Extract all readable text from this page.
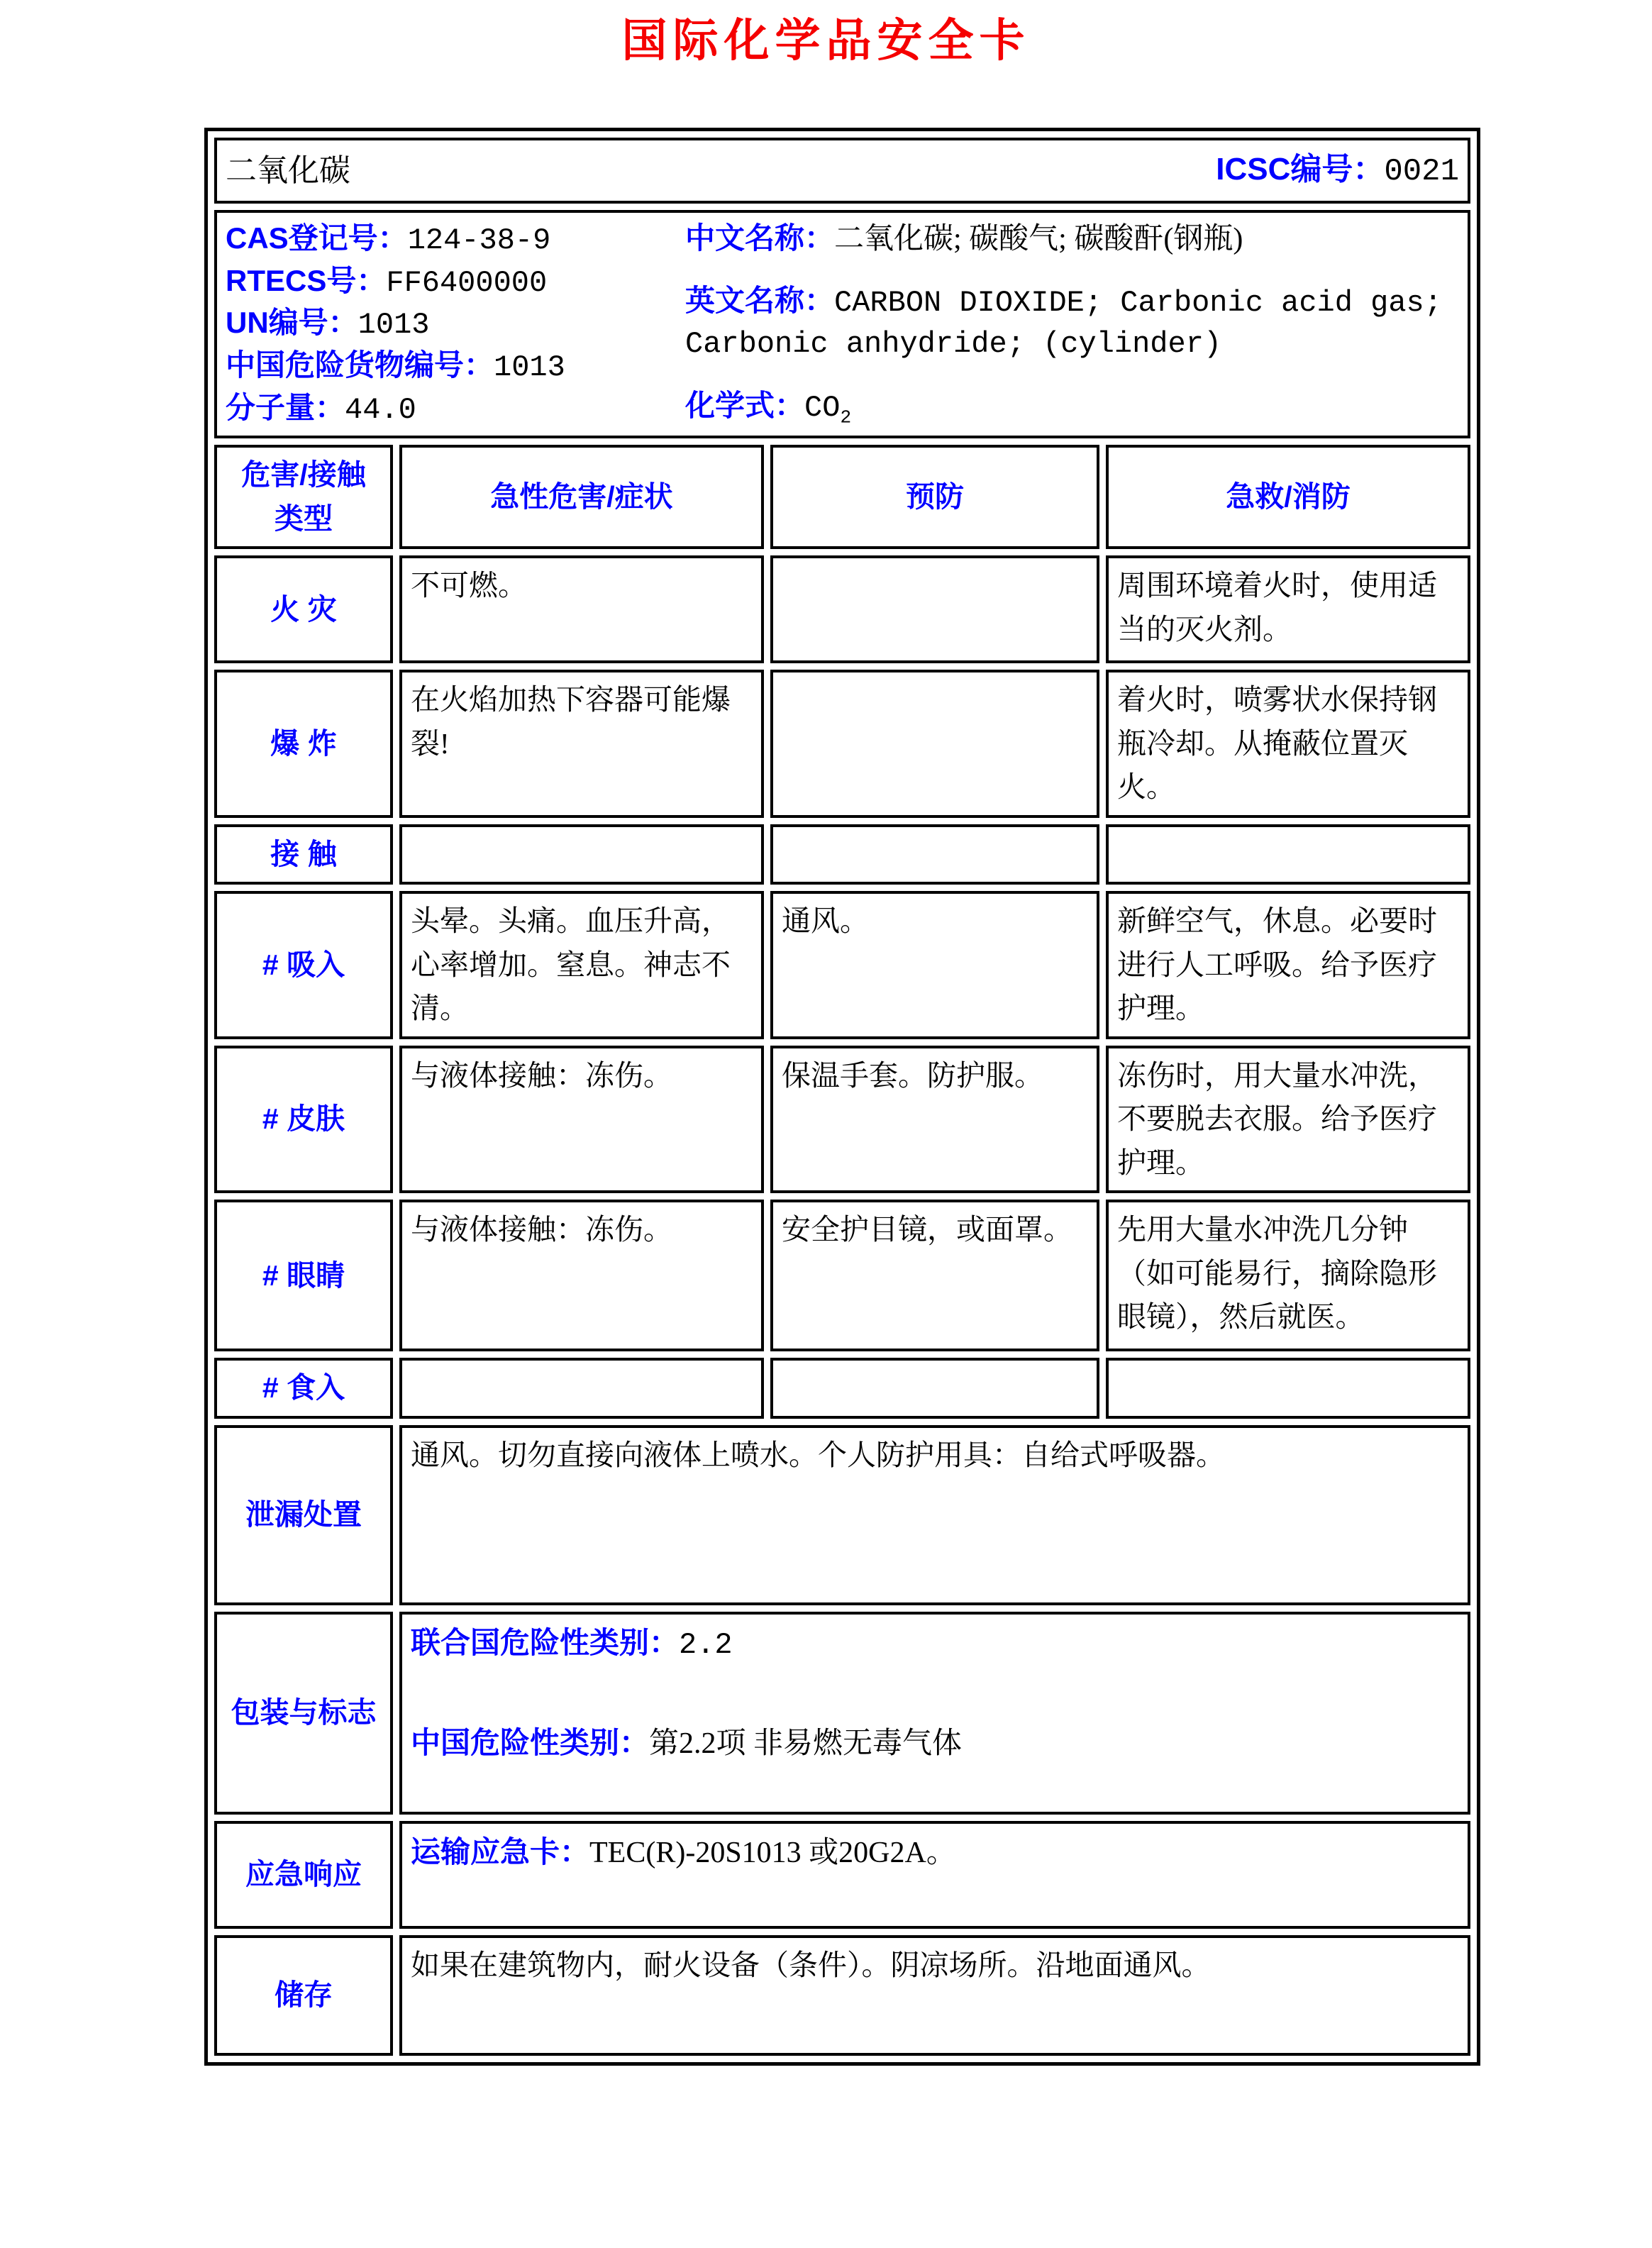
国际化学品安全卡
二氧化碳 ICSC编号：0021			

CAS登记号：124-38-9
RTECS号：FF6400000
UN编号：1013
中国危险货物编号：1013
分子量：44.0
中文名称：二氧化碳; 碳酸气; 碳酸酐(钢瓶)
英文名称：CARBON DIOXIDE; Carbonic acid gas; Carbonic anhydride; (cylinder)
化学式：$CO_2$

危害/接触
类型	急性危害/症状	预防	急救/消防
火 灾	不可燃。		周围环境着火时，使用适当的灭火剂。
爆 炸	在火焰加热下容器可能爆裂!		着火时，喷雾状水保持钢瓶冷却。从掩蔽位置灭火。
接 触			
# 吸入	头晕。头痛。血压升高，心率增加。窒息。神志不清。	通风。	新鲜空气，休息。必要时进行人工呼吸。给予医疗护理。
# 皮肤	与液体接触：冻伤。	保温手套。防护服。	冻伤时，用大量水冲洗，不要脱去衣服。给予医疗护理。
# 眼睛	与液体接触：冻伤。	安全护目镜，或面罩。	先用大量水冲洗几分钟（如可能易行，摘除隐形眼镜），然后就医。
# 食入			
泄漏处置	通风。切勿直接向液体上喷水。个人防护用具：自给式呼吸器。		
包装与标志	联合国危险性类别：2.2
中国危险性类别：第2.2项 非易燃无毒气体		

应急响应	运输应急卡：TEC(R)-20S1013 或20G2A。		

储存	如果在建筑物内，耐火设备（条件）。阴凉场所。沿地面通风。		
